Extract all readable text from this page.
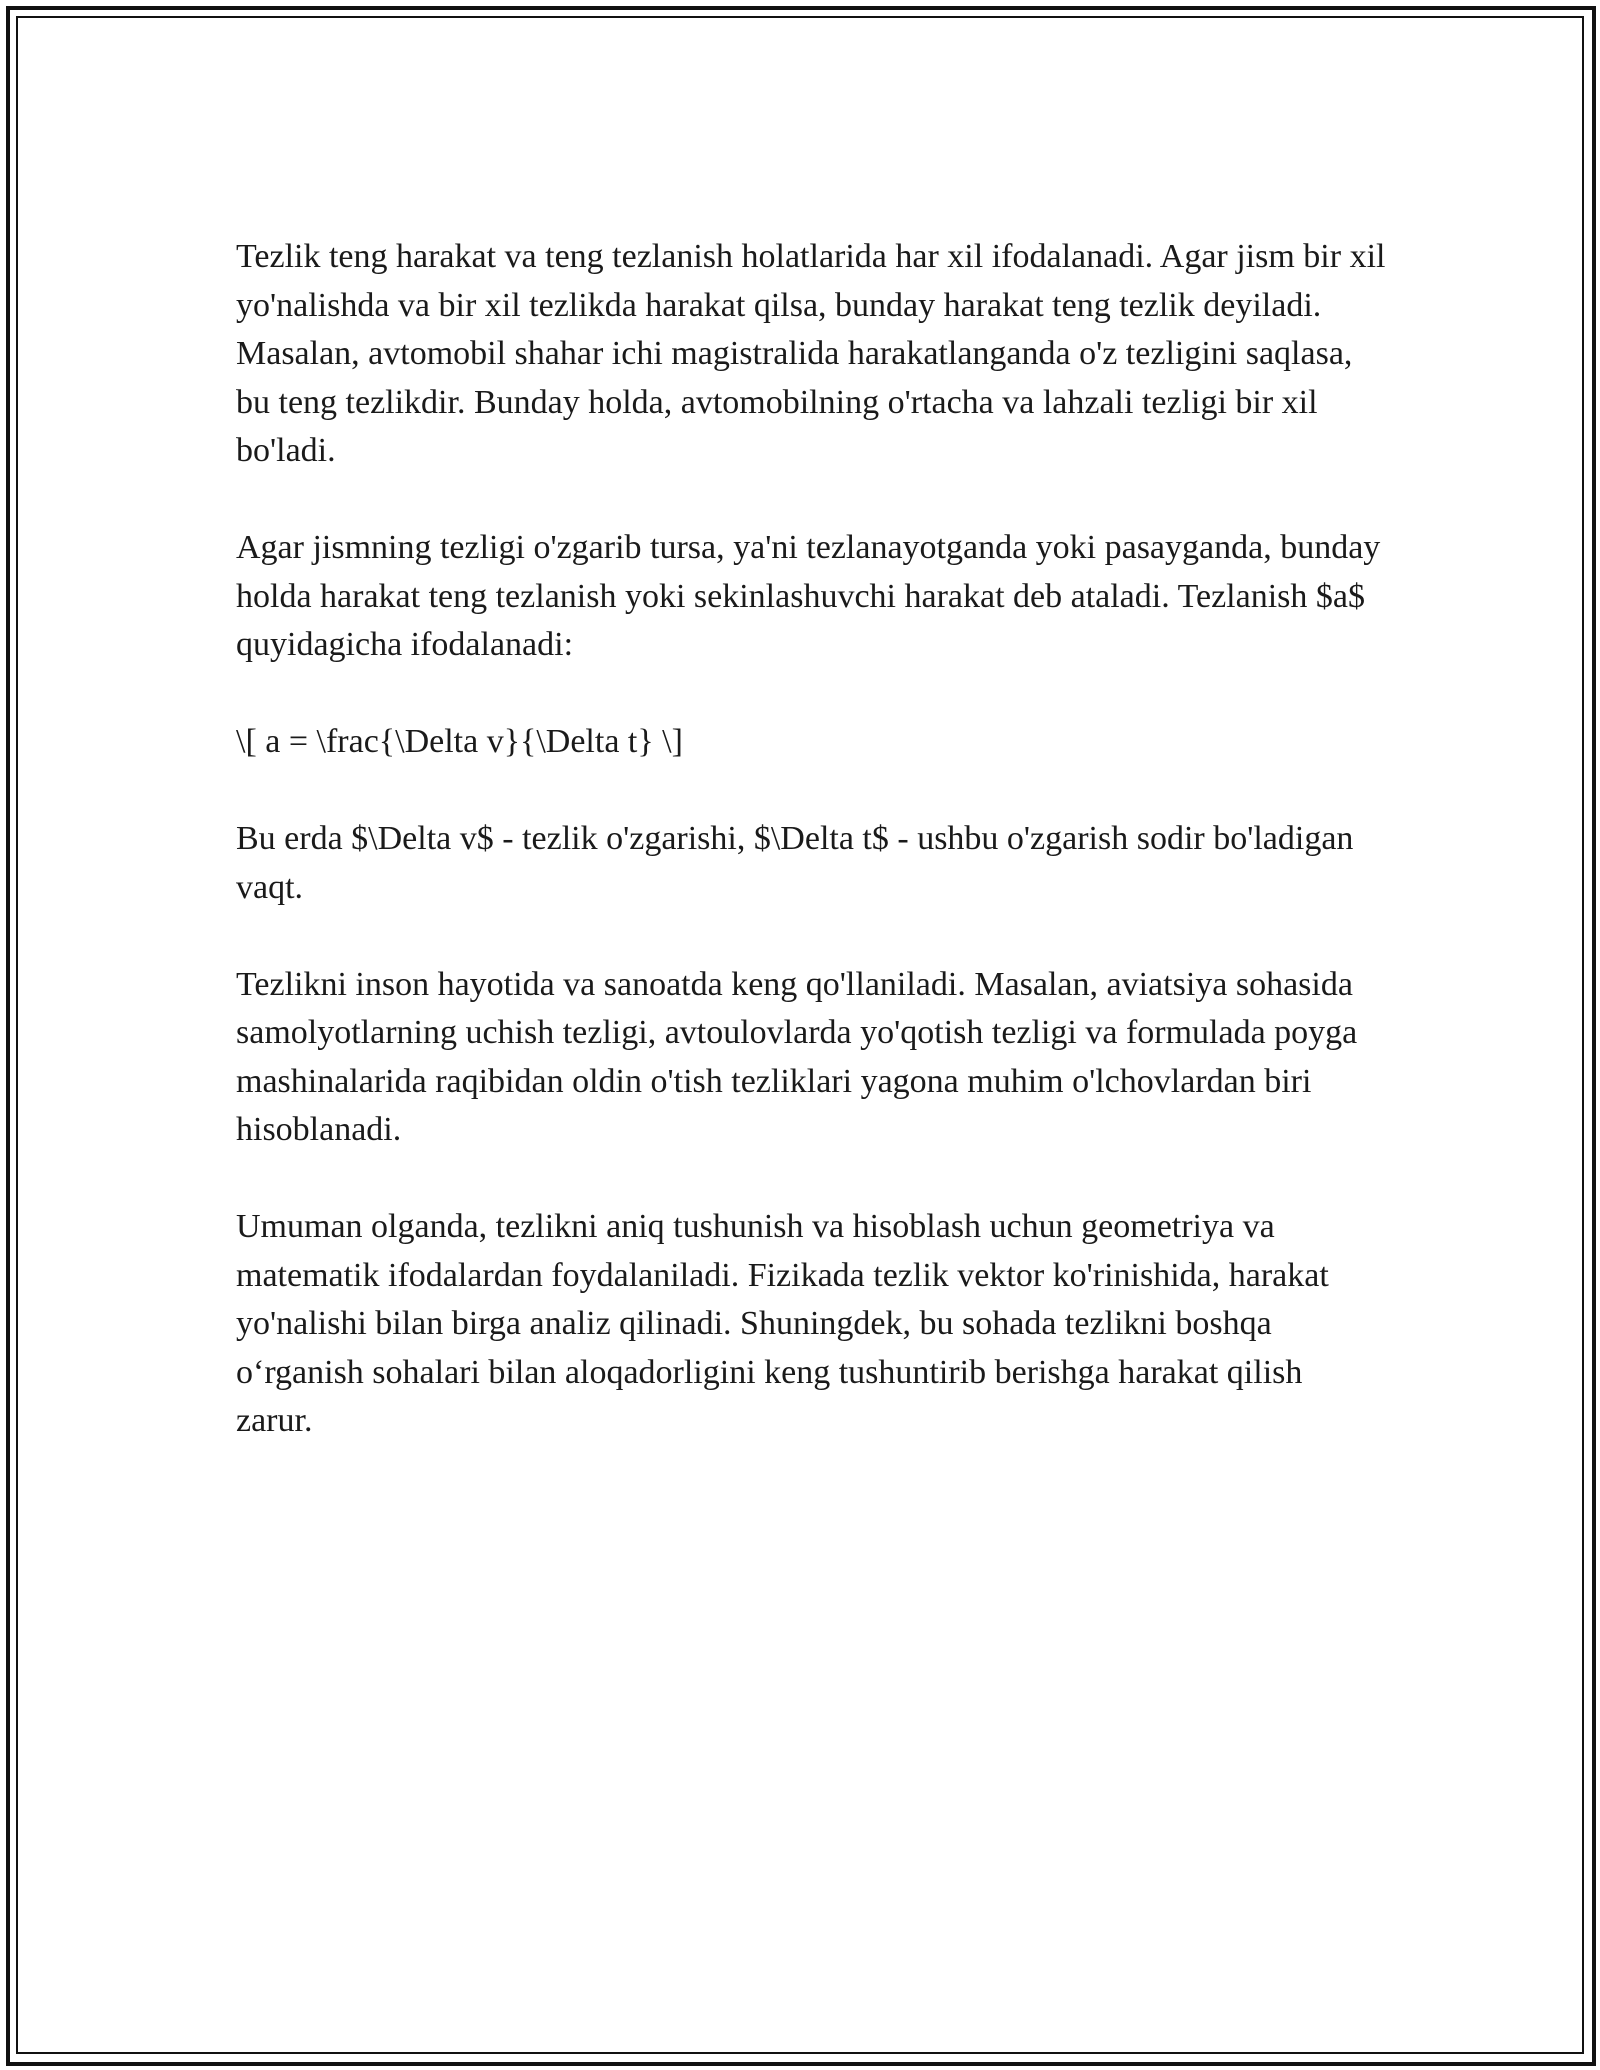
Tezlik teng harakat va teng tezlanish holatlarida har xil ifodalanadi. Agar jism bir xil yo'nalishda va bir xil tezlikda harakat qilsa, bunday harakat teng tezlik deyiladi. Masalan, avtomobil shahar ichi magistralida harakatlanganda o'z tezligini saqlasa, bu teng tezlikdir. Bunday holda, avtomobilning o'rtacha va lahzali tezligi bir xil bo'ladi.

Agar jismning tezligi o'zgarib tursa, ya'ni tezlanayotganda yoki pasayganda, bunday holda harakat teng tezlanish yoki sekinlashuvchi harakat deb ataladi. Tezlanish $a$ quyidagicha ifodalanadi:

\[ a = \frac{\Delta v}{\Delta t} \]

Bu erda $\Delta v$ - tezlik o'zgarishi, $\Delta t$ - ushbu o'zgarish sodir bo'ladigan vaqt.

Tezlikni inson hayotida va sanoatda keng qo'llaniladi. Masalan, aviatsiya sohasida samolyotlarning uchish tezligi, avtoulovlarda yo'qotish tezligi va formulada poyga mashinalarida raqibidan oldin o'tish tezliklari yagona muhim o'lchovlardan biri hisoblanadi.

Umuman olganda, tezlikni aniq tushunish va hisoblash uchun geometriya va matematik ifodalardan foydalaniladi. Fizikada tezlik vektor ko'rinishida, harakat yo'nalishi bilan birga analiz qilinadi. Shuningdek, bu sohada tezlikni boshqa o‘rganish sohalari bilan aloqadorligini keng tushuntirib berishga harakat qilish zarur.
